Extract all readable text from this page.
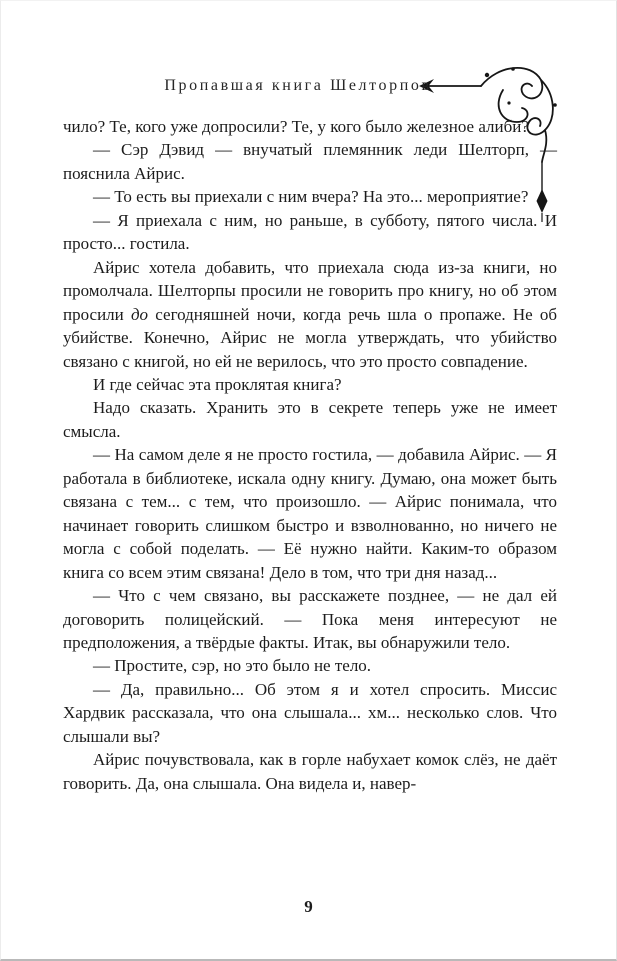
Пропавшая книга Шелторпов

чило? Те, кого уже допросили? Те, у кого было железное алиби?

— Сэр Дэвид — внучатый племянник леди Шелторп, — пояснила Айрис.

— То есть вы приехали с ним вчера? На это... мероприятие?

— Я приехала с ним, но раньше, в субботу, пятого числа. И просто... гостила.

Айрис хотела добавить, что приехала сюда из-за книги, но промолчала. Шелторпы просили не говорить про книгу, но об этом просили до сегодняшней ночи, когда речь шла о пропаже. Не об убийстве. Конечно, Айрис не могла утверждать, что убийство связано с книгой, но ей не верилось, что это просто совпадение.

И где сейчас эта проклятая книга?

Надо сказать. Хранить это в секрете теперь уже не имеет смысла.

— На самом деле я не просто гостила, — добавила Айрис. — Я работала в библиотеке, искала одну книгу. Думаю, она может быть связана с тем... с тем, что произошло. — Айрис понимала, что начинает говорить слишком быстро и взволнованно, но ничего не могла с собой поделать. — Её нужно найти. Каким-то образом книга со всем этим связана! Дело в том, что три дня назад...

— Что с чем связано, вы расскажете позднее, — не дал ей договорить полицейский. — Пока меня интересуют не предположения, а твёрдые факты. Итак, вы обнаружили тело.

— Простите, сэр, но это было не тело.

— Да, правильно... Об этом я и хотел спросить. Миссис Хардвик рассказала, что она слышала... хм... несколько слов. Что слышали вы?

Айрис почувствовала, как в горле набухает комок слёз, не даёт говорить. Да, она слышала. Она видела и, навер-

9
